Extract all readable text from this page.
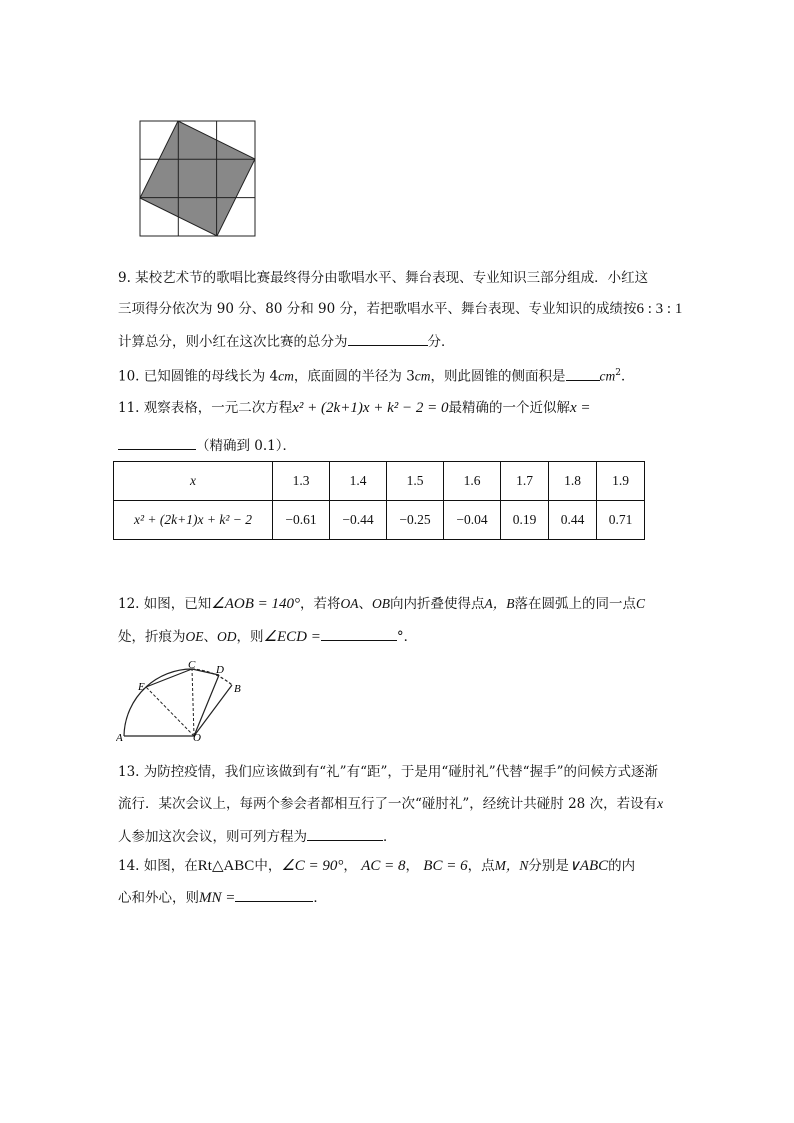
9. 某校艺术节的歌唱比赛最终得分由歌唱水平、舞台表现、专业知识三部分组成．小红这
三项得分依次为 90 分、80 分和 90 分，若把歌唱水平、舞台表现、专业知识的成绩按6 : 3 : 1
计算总分，则小红在这次比赛的总分为	分．
10. 已知圆锥的母线长为 4cm，底面圆的半径为 3cm，则此圆锥的侧面积是	$cm^2$．
11. 观察表格，一元二次方程x² + (2k+1)x + k² − 2 = 0最精确的一个近似解x =
（精确到 0.1）．
x	1.3	1.4	1.5	1.6	1.7	1.8	1.9
x² + (2k+1)x + k² − 2	−0.61	−0.44	−0.25	−0.04	0.19	0.44	0.71
12. 如图，已知∠AOB = 140°，若将OA、OB向内折叠使得点A，B落在圆弧上的同一点C
处，折痕为OE、OD，则∠ECD =	°．
A
B
C D
E
O
13. 为防控疫情，我们应该做到有“礼”有“距”，于是用“碰肘礼”代替“握手”的问候方式逐渐
流行．某次会议上，每两个参会者都相互行了一次“碰肘礼”，经统计共碰肘 28 次，若设有x
人参加这次会议，则可列方程为	．
14. 如图，在Rt△ABC中，∠C = 90°， AC = 8， BC = 6，点M，N分别是∨ABC的内
心和外心，则MN =	．
